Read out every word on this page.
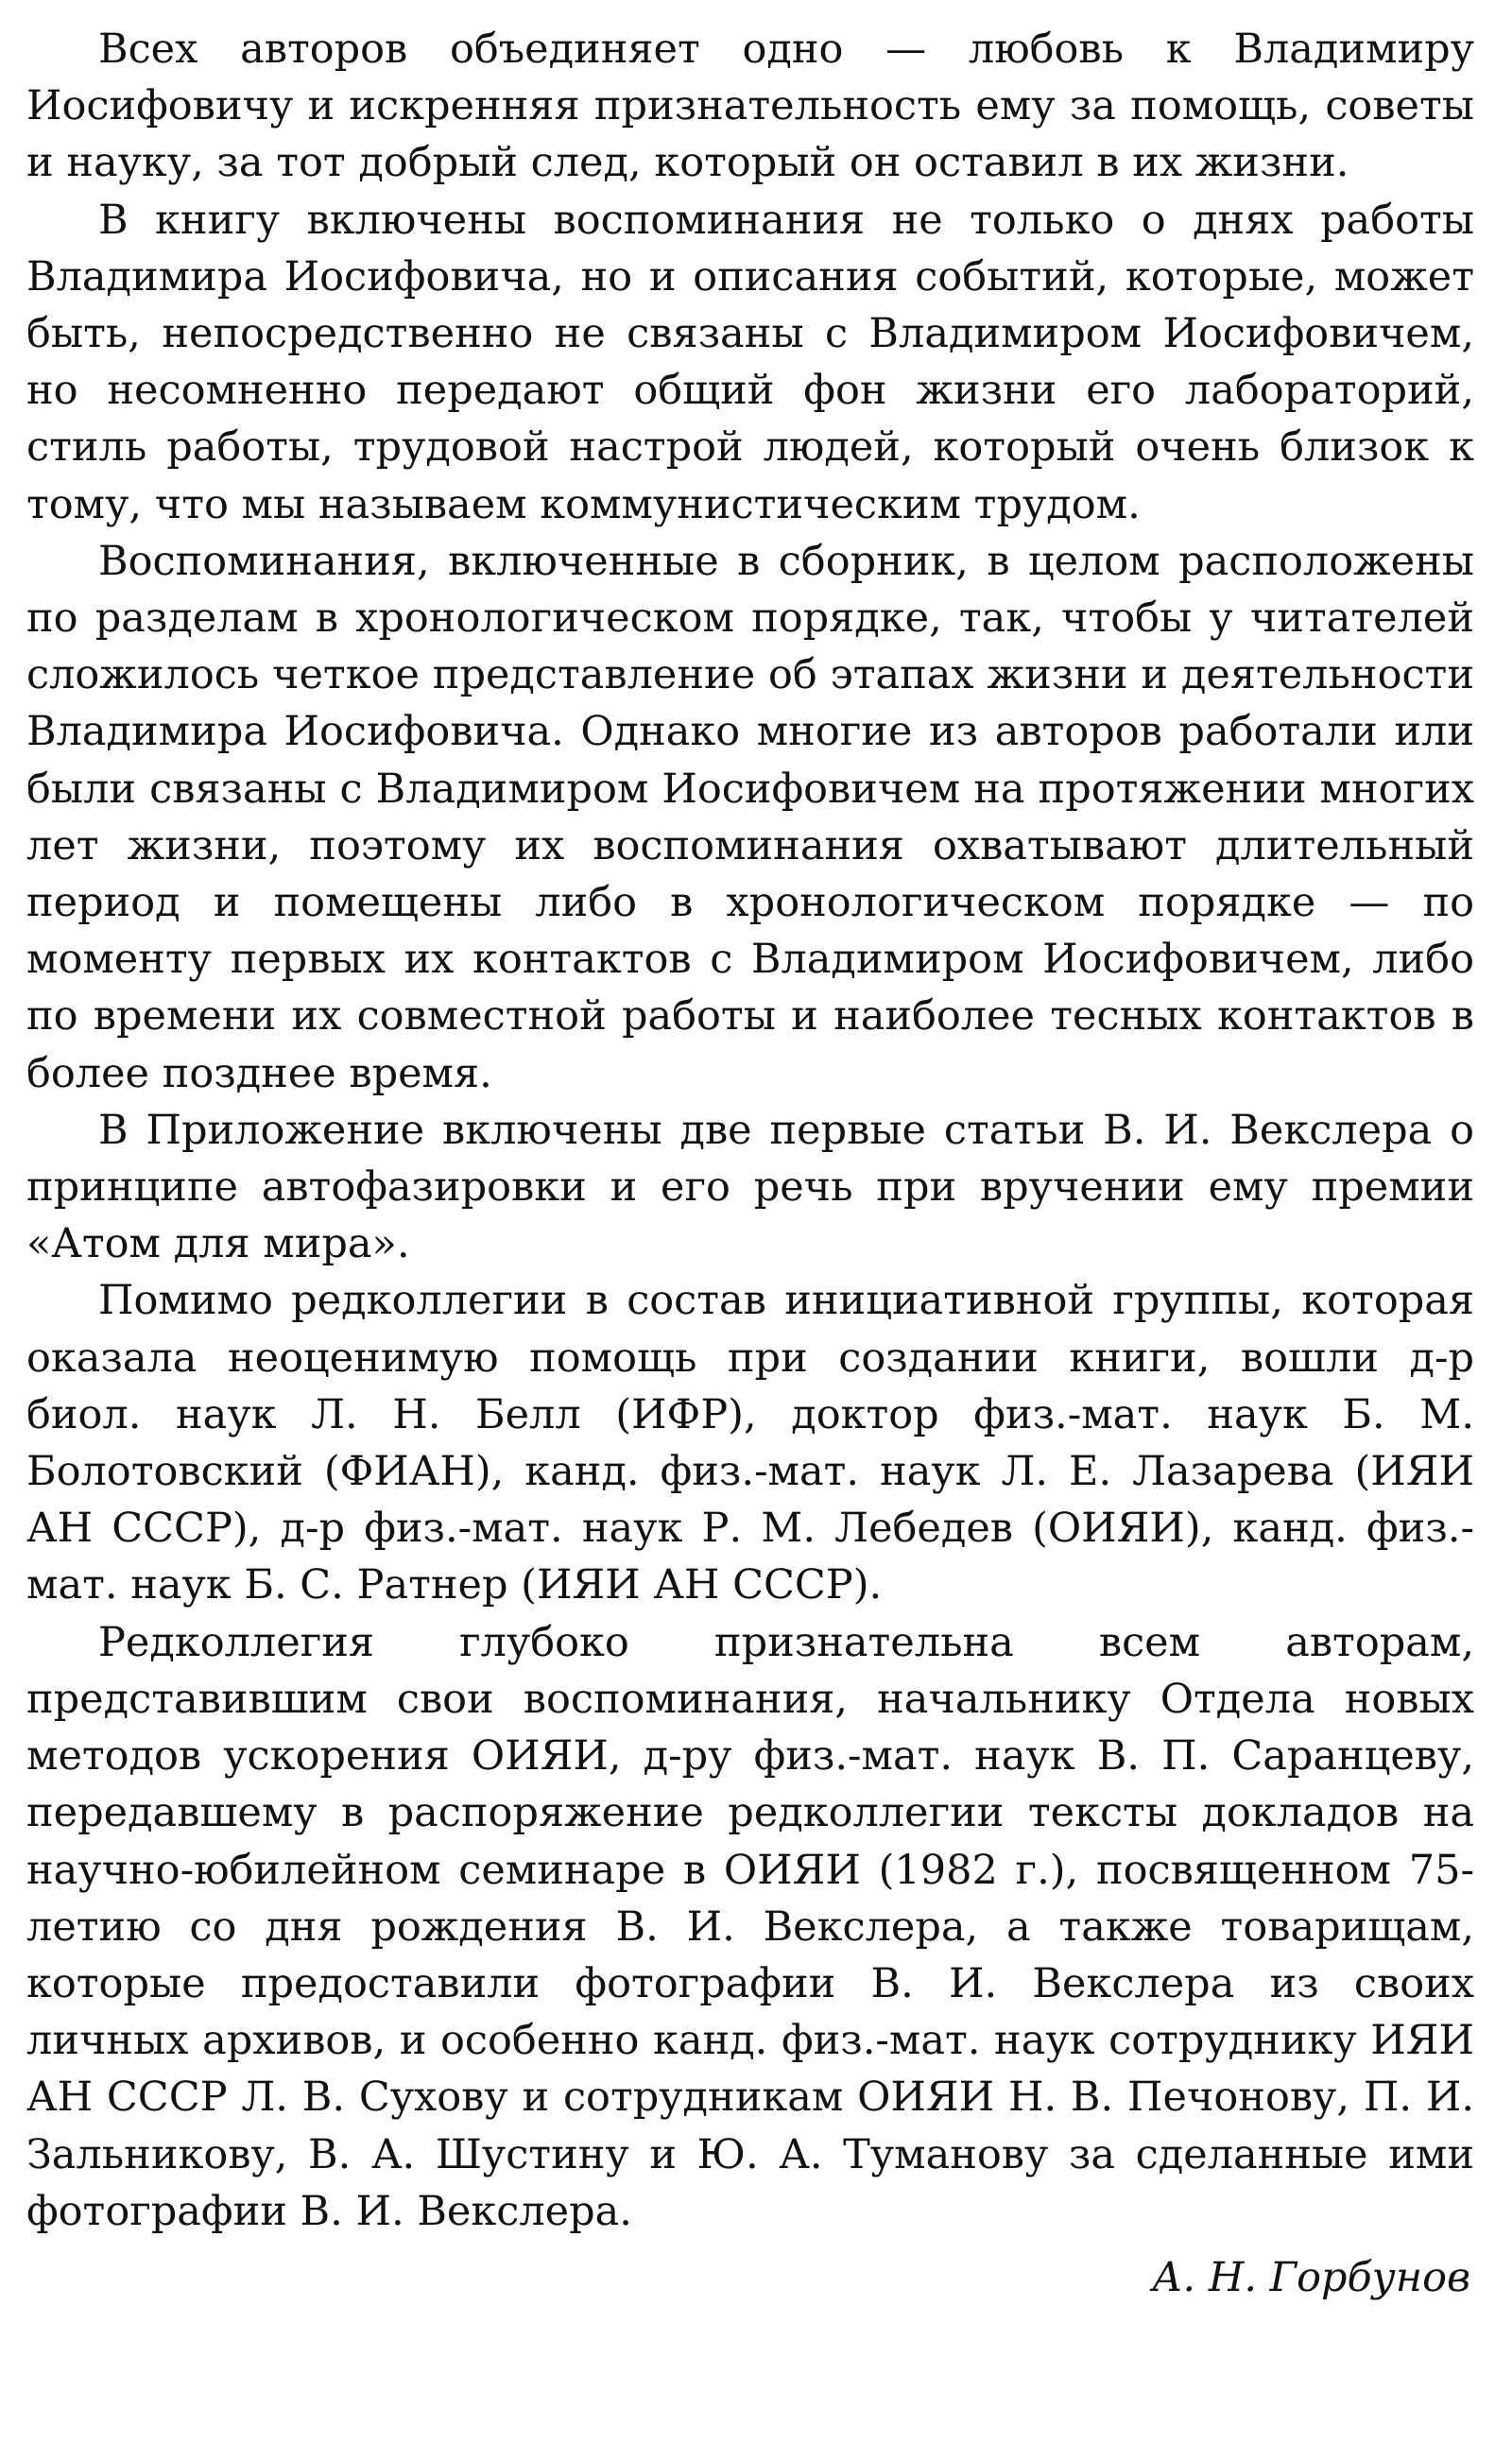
Всех авторов объединяет одно — любовь к Владимиру Иосифовичу и искренняя признательность ему за помощь, советы и науку, за тот добрый след, который он оставил в их жизни.

В книгу включены воспоминания не только о днях работы Владимира Иосифовича, но и описания событий, которые, может быть, непосредственно не связаны с Владимиром Иосифовичем, но несомненно передают общий фон жизни его лабораторий, стиль работы, трудовой настрой людей, который очень близок к тому, что мы называем коммунистическим трудом.

Воспоминания, включенные в сборник, в целом расположены по разделам в хронологическом порядке, так, чтобы у читателей сложилось четкое представление об этапах жизни и деятельности Владимира Иосифовича. Однако многие из авторов работали или были связаны с Владимиром Иосифовичем на протяжении многих лет жизни, поэтому их воспоминания охватывают длительный период и помещены либо в хронологическом порядке — по моменту первых их контактов с Владимиром Иосифовичем, либо по времени их совместной работы и наиболее тесных контактов в более позднее время.

В Приложение включены две первые статьи В. И. Векслера о принципе автофазировки и его речь при вручении ему премии «Атом для мира».

Помимо редколлегии в состав инициативной группы, которая оказала неоценимую помощь при создании книги, вошли д-р биол. наук Л. Н. Белл (ИФР), доктор физ.-мат. наук Б. М. Болотовский (ФИАН), канд. физ.-мат. наук Л. Е. Лазарева (ИЯИ АН СССР), д-р физ.-мат. наук Р. М. Лебедев (ОИЯИ), канд. физ.-мат. наук Б. С. Ратнер (ИЯИ АН СССР).

Редколлегия глубоко признательна всем авторам, представившим свои воспоминания, начальнику Отдела новых методов ускорения ОИЯИ, д-ру физ.-мат. наук В. П. Саранцеву, передавшему в распоряжение редколлегии тексты докладов на научно-юбилейном семинаре в ОИЯИ (1982 г.), посвященном 75-летию со дня рождения В. И. Векслера, а также товарищам, которые предоставили фотографии В. И. Векслера из своих личных архивов, и особенно канд. физ.-мат. наук сотруднику ИЯИ АН СССР Л. В. Сухову и сотрудникам ОИЯИ Н. В. Печонову, П. И. Зальникову, В. А. Шустину и Ю. А. Туманову за сделанные ими фотографии В. И. Векслера.

А. Н. Горбунов
